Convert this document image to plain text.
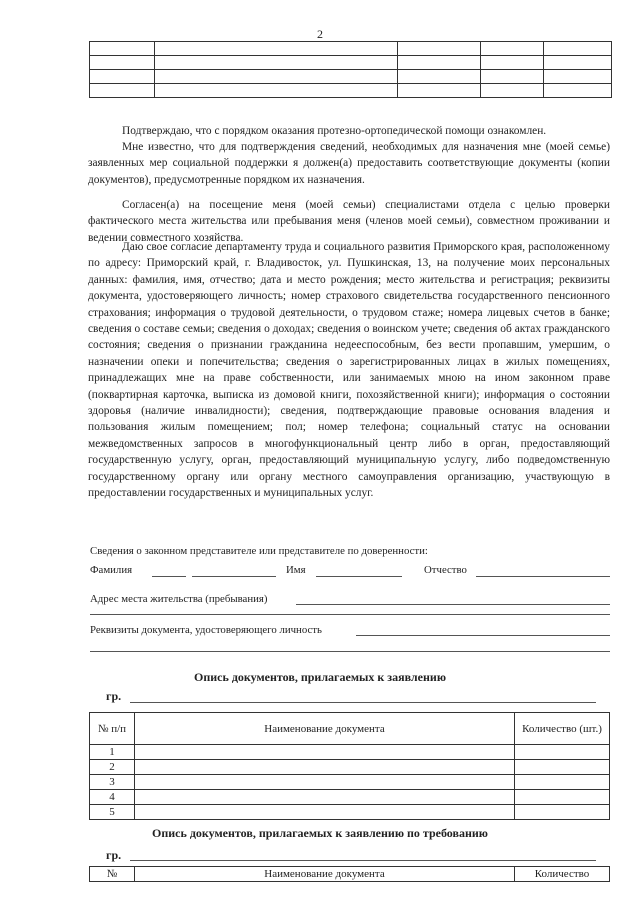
2

Подтверждаю, что с порядком оказания протезно-ортопедической помощи ознакомлен.

Мне известно, что для подтверждения сведений, необходимых для назначения мне (моей семье) заявленных мер социальной поддержки я должен(а) предоставить соответствующие документы (копии документов), предусмотренные порядком их назначения.

Согласен(а) на посещение меня (моей семьи) специалистами отдела с целью проверки фактического места жительства или пребывания меня (членов моей семьи), совместном проживании и ведении совместного хозяйства.

Даю свое согласие департаменту труда и социального развития Приморского края, расположенному по адресу: Приморский край, г. Владивосток, ул. Пушкинская, 13, на получение моих персональных данных: фамилия, имя, отчество; дата и место рождения; место жительства и регистрация; реквизиты документа, удостоверяющего личность; номер страхового свидетельства государственного пенсионного страхования; информация о трудовой деятельности, о трудовом стаже; номера лицевых счетов в банке; сведения о составе семьи; сведения о доходах; сведения о воинском учете; сведения об актах гражданского состояния; сведения о признании гражданина недееспособным, без вести пропавшим, умершим, о назначении опеки и попечительства; сведения о зарегистрированных лицах в жилых помещениях, принадлежащих мне на праве собственности, или занимаемых мною на ином законном праве (поквартирная карточка, выписка из домовой книги, похозяйственной книги); информация о состоянии здоровья (наличие инвалидности); сведения, подтверждающие правовые основания владения и пользования жилым помещением; пол; номер телефона; социальный статус на основании межведомственных запросов в многофункциональный центр либо в орган, предоставляющий государственную услугу, орган, предоставляющий муниципальную услугу, либо подведомственную государственному органу или органу местного самоуправления организацию, участвующую в предоставлении государственных и муниципальных услуг.

Сведения о законном представителе или представителе по доверенности:
Фамилия	Имя	Отчество
Адрес места жительства (пребывания)
Реквизиты документа, удостоверяющего личность
Опись документов, прилагаемых к заявлению
гр.
№ п/п	Наименование документа	Количество (шт.)
1		
2		
3		
4		
5		
Опись документов, прилагаемых к заявлению по требованию
гр.
№	Наименование документа	Количество
